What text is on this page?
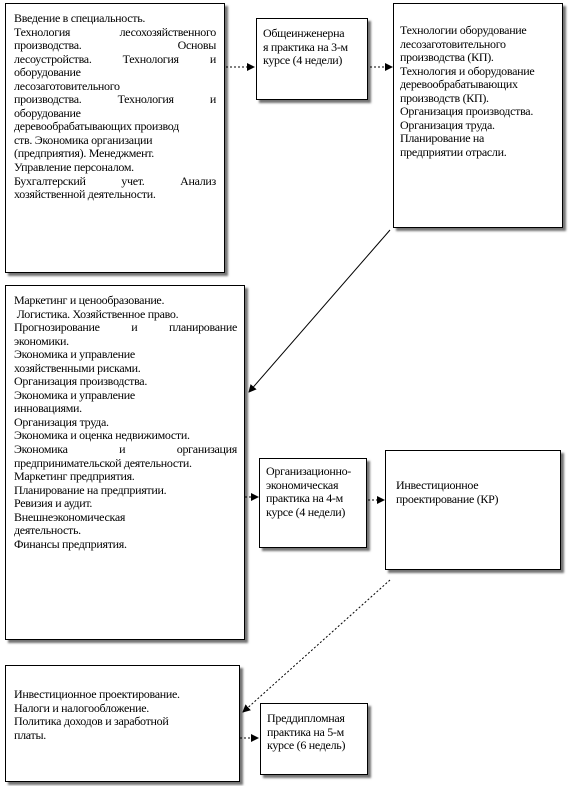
Введение в специальность.
Технология лесохозяйственного
производства. Основы
лесоустройства. Технология и
оборудование
лесозаготовительного
производства. Технология и
оборудование
деревообрабатывающих производ
ств. Экономика организации
(предприятия). Менеджмент.
Управление персоналом.
Бухгалтерский учет. Анализ
хозяйственной деятельности.
Общеинженерна
я практика на 3-м
курсе (4 недели)
Технологии оборудование
лесозаготовительного
производства (КП).
Технология и оборудование
деревообрабатывающих
производств (КП).
Организация производства.
Организация труда.
Планирование на
предприятии отрасли.
Маркетинг и ценообразование.
Логистика. Хозяйственное право.
Прогнозирование и планирование
экономики.
Экономика и управление
хозяйственными рисками.
Организация производства.
Экономика и управление
инновациями.
Организация труда.
Экономика и оценка недвижимости.
Экономика и организация
предпринимательской деятельности.
Маркетинг предприятия.
Планирование на предприятии.
Ревизия и аудит.
Внешнеэкономическая
деятельность.
Финансы предприятия.
Организационно-
экономическая
практика на 4-м
курсе (4 недели)
Инвестиционное
проектирование (КР)
Инвестиционное проектирование.
Налоги и налогообложение.
Политика доходов и заработной
платы.
Преддипломная
практика на 5-м
курсе (6 недель)
